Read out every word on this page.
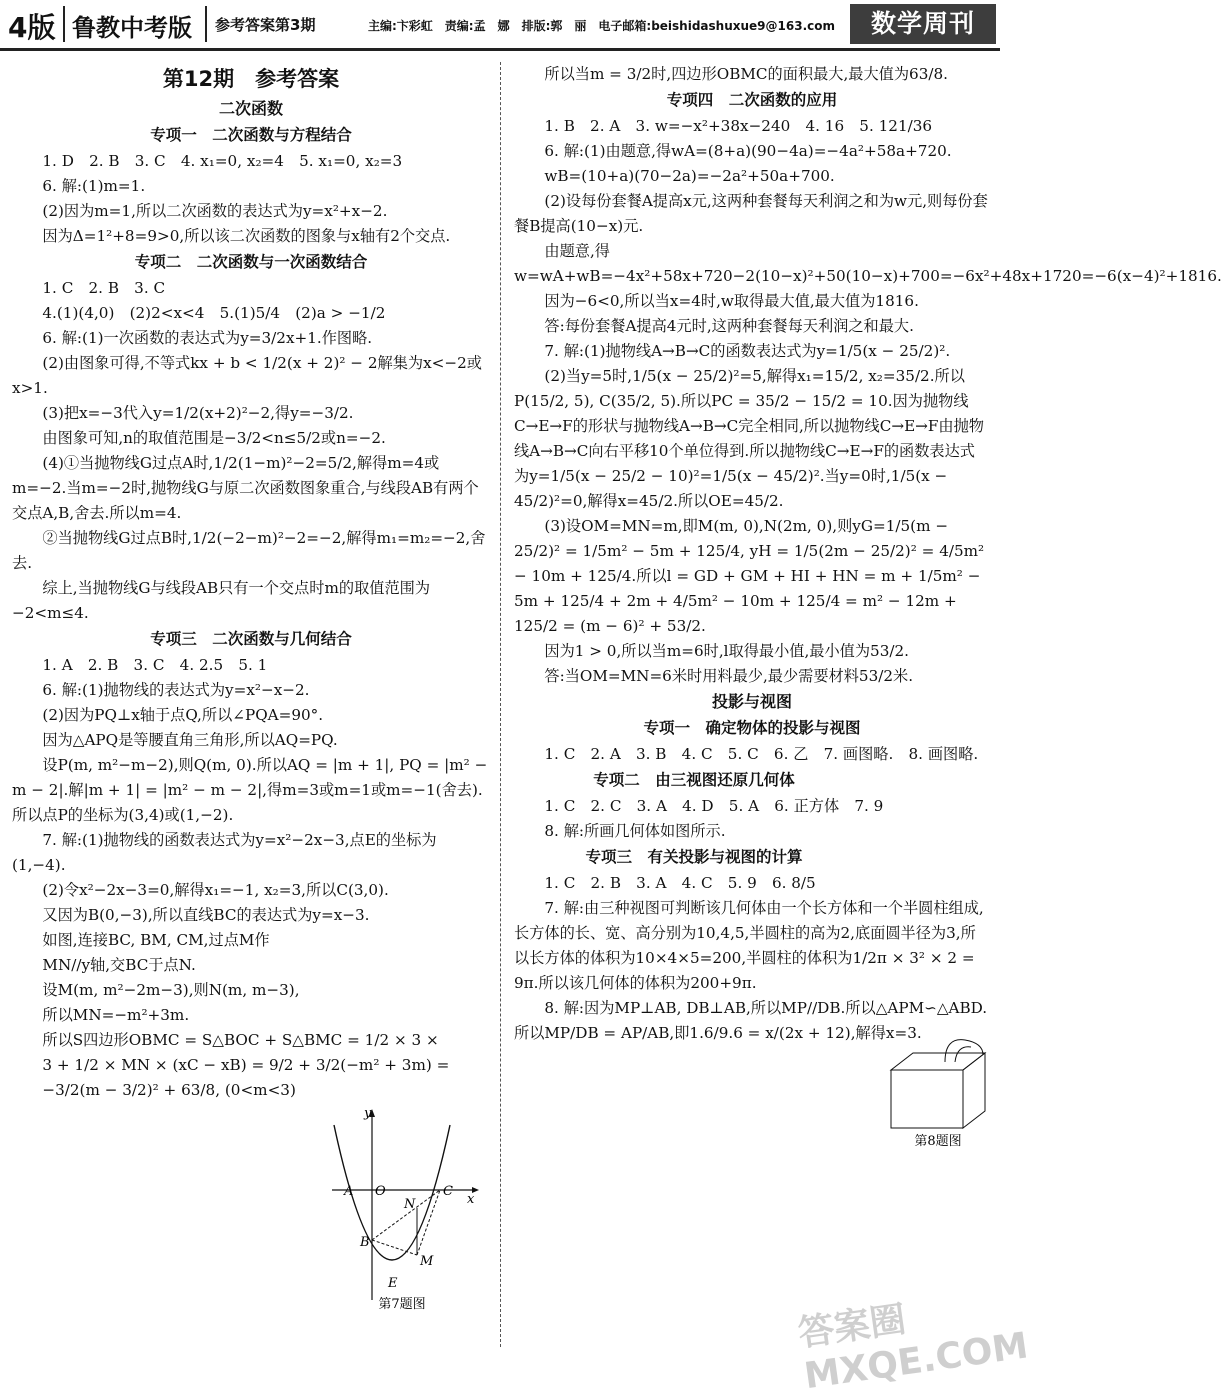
4版 鲁教中考版 参考答案第3期	主编:卞彩虹　责编:孟　娜　排版:郭　丽　电子邮箱:beishidashuxue9@163.com	数学周刊
第12期　参考答案
二次函数
专项一　二次函数与方程结合

1. D　2. B　3. C　4. x₁=0, x₂=4　5. x₁=0, x₂=3

6. 解:(1)m=1.

(2)因为m=1,所以二次函数的表达式为y=x²+x−2.

因为Δ=1²+8=9>0,所以该二次函数的图象与x轴有2个交点.

专项二　二次函数与一次函数结合

1. C　2. B　3. C

4.(1)(4,0)　(2)2<x<4　5.(1)5/4　(2)a > −1/2

6. 解:(1)一次函数的表达式为y=3/2x+1.作图略.

(2)由图象可得,不等式kx + b < 1/2(x + 2)² − 2解集为x<−2或x>1.

(3)把x=−3代入y=1/2(x+2)²−2,得y=−3/2.

由图象可知,n的取值范围是−3/2<n≤5/2或n=−2.

(4)①当抛物线G过点A时,1/2(1−m)²−2=5/2,解得m=4或m=−2.当m=−2时,抛物线G与原二次函数图象重合,与线段AB有两个交点A,B,舍去.所以m=4.

②当抛物线G过点B时,1/2(−2−m)²−2=−2,解得m₁=m₂=−2,舍去.

综上,当抛物线G与线段AB只有一个交点时m的取值范围为−2<m≤4.

专项三　二次函数与几何结合

1. A　2. B　3. C　4. 2.5　5. 1

6. 解:(1)抛物线的表达式为y=x²−x−2.

(2)因为PQ⊥x轴于点Q,所以∠PQA=90°.

因为△APQ是等腰直角三角形,所以AQ=PQ.

设P(m, m²−m−2),则Q(m, 0).所以AQ = |m + 1|, PQ = |m² − m − 2|.解|m + 1| = |m² − m − 2|,得m=3或m=1或m=−1(舍去).所以点P的坐标为(3,4)或(1,−2).

7. 解:(1)抛物线的函数表达式为y=x²−2x−3,点E的坐标为(1,−4).

(2)令x²−2x−3=0,解得x₁=−1, x₂=3,所以C(3,0).

又因为B(0,−3),所以直线BC的表达式为y=x−3.

如图,连接BC, BM, CM,过点M作

MN//y轴,交BC于点N.

设M(m, m²−2m−3),则N(m, m−3),

所以MN=−m²+3m.

所以S四边形OBMC = S△BOC + S△BMC = 1/2 × 3 ×

3 + 1/2 × MN × (xC − xB) = 9/2 + 3/2(−m² + 3m) =

−3/2(m − 3/2)² + 63/8, (0<m<3)

A O	C
x
y
N
B
M
E
第7题图

所以当m = 3/2时,四边形OBMC的面积最大,最大值为63/8.

专项四　二次函数的应用

1. B　2. A　3. w=−x²+38x−240　4. 16　5. 121/36

6. 解:(1)由题意,得wA=(8+a)(90−4a)=−4a²+58a+720.

wB=(10+a)(70−2a)=−2a²+50a+700.

(2)设每份套餐A提高x元,这两种套餐每天利润之和为w元,则每份套餐B提高(10−x)元.

由题意,得w=wA+wB=−4x²+58x+720−2(10−x)²+50(10−x)+700=−6x²+48x+1720=−6(x−4)²+1816.

因为−6<0,所以当x=4时,w取得最大值,最大值为1816.

答:每份套餐A提高4元时,这两种套餐每天利润之和最大.

7. 解:(1)抛物线A→B→C的函数表达式为y=1/5(x − 25/2)².

(2)当y=5时,1/5(x − 25/2)²=5,解得x₁=15/2, x₂=35/2.所以P(15/2, 5), C(35/2, 5).所以PC = 35/2 − 15/2 = 10.因为抛物线C→E→F的形状与抛物线A→B→C完全相同,所以抛物线C→E→F由抛物线A→B→C向右平移10个单位得到.所以抛物线C→E→F的函数表达式为y=1/5(x − 25/2 − 10)²=1/5(x − 45/2)².当y=0时,1/5(x − 45/2)²=0,解得x=45/2.所以OE=45/2.

(3)设OM=MN=m,即M(m, 0),N(2m, 0),则yG=1/5(m − 25/2)² = 1/5m² − 5m + 125/4, yH = 1/5(2m − 25/2)² = 4/5m² − 10m + 125/4.所以l = GD + GM + HI + HN = m + 1/5m² − 5m + 125/4 + 2m + 4/5m² − 10m + 125/4 = m² − 12m + 125/2 = (m − 6)² + 53/2.

因为1 > 0,所以当m=6时,l取得最小值,最小值为53/2.

答:当OM=MN=6米时用料最少,最少需要材料53/2米.

投影与视图
专项一　确定物体的投影与视图

1. C　2. A　3. B　4. C　5. C　6. 乙　7. 画图略.　8. 画图略.

专项二　由三视图还原几何体

1. C　2. C　3. A　4. D　5. A　6. 正方体　7. 9

8. 解:所画几何体如图所示.

专项三　有关投影与视图的计算

1. C　2. B　3. A　4. C　5. 9　6. 8/5

7. 解:由三种视图可判断该几何体由一个长方体和一个半圆柱组成,长方体的长、宽、高分别为10,4,5,半圆柱的高为2,底面圆半径为3,所以长方体的体积为10×4×5=200,半圆柱的体积为1/2π × 3² × 2 = 9π.所以该几何体的体积为200+9π.

8. 解:因为MP⊥AB, DB⊥AB,所以MP//DB.所以△APM∽△ABD.所以MP/DB = AP/AB,即1.6/9.6 = x/(2x + 12),解得x=3.

第8题图
答案圈 MXQE.COM
